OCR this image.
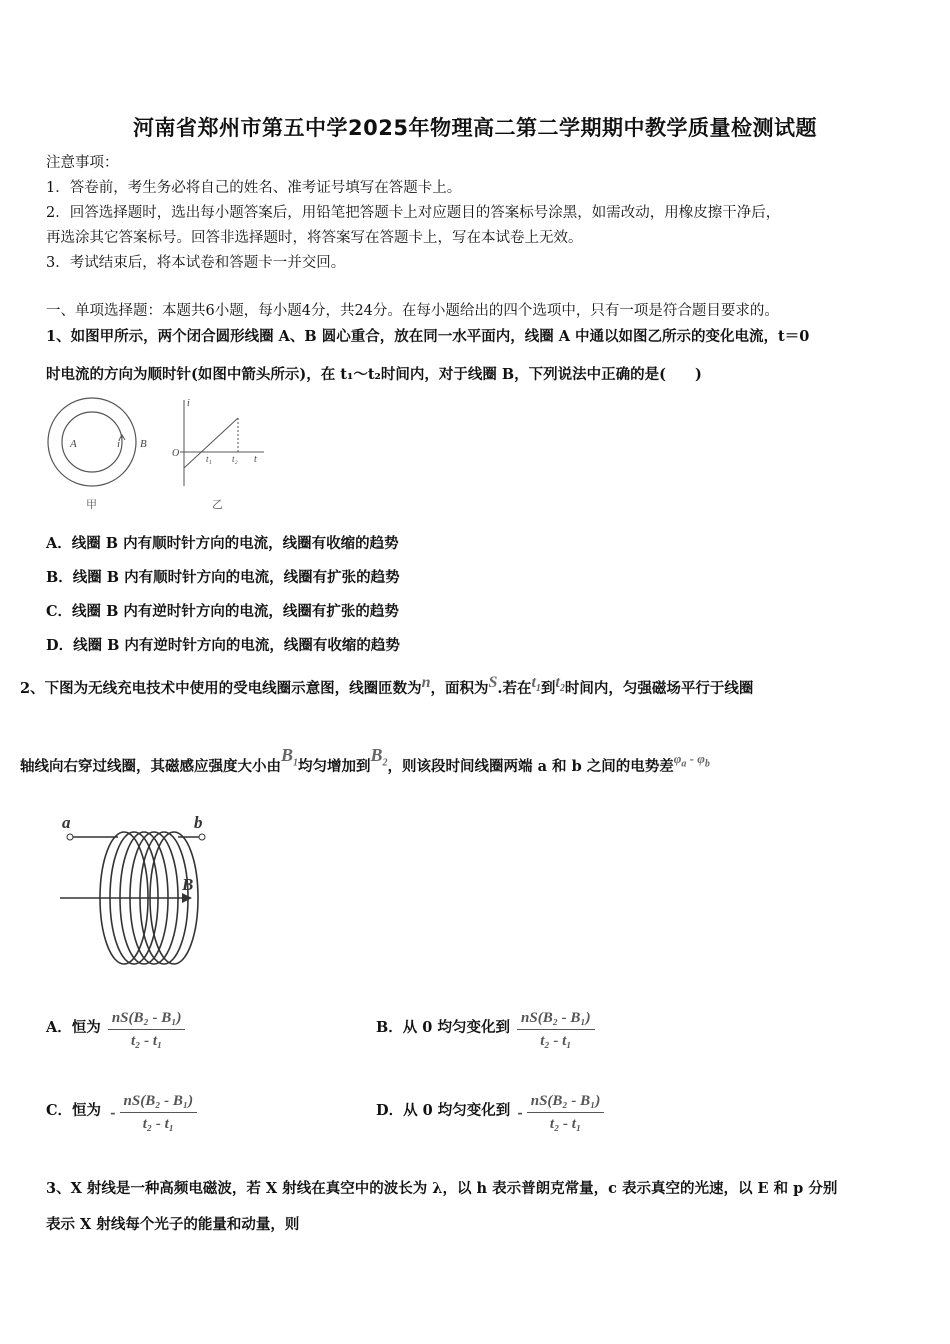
河南省郑州市第五中学2025年物理高二第二学期期中教学质量检测试题
注意事项：
1．答卷前，考生务必将自己的姓名、准考证号填写在答题卡上。
2．回答选择题时，选出每小题答案后，用铅笔把答题卡上对应题目的答案标号涂黑，如需改动，用橡皮擦干净后，
再选涂其它答案标号。回答非选择题时，将答案写在答题卡上，写在本试卷上无效。
3．考试结束后，将本试卷和答题卡一并交回。
一、单项选择题：本题共6小题，每小题4分，共24分。在每小题给出的四个选项中，只有一项是符合题目要求的。
1、如图甲所示，两个闭合圆形线圈 A、B 圆心重合，放在同一水平面内，线圈 A 中通以如图乙所示的变化电流，t＝0
时电流的方向为顺时针(如图中箭头所示)，在 t₁～t₂时间内，对于线圈 B，下列说法中正确的是(　　)
A	i B
甲
i
O	t₁ t₂ t
乙
A．线圈 B 内有顺时针方向的电流，线圈有收缩的趋势
B．线圈 B 内有顺时针方向的电流，线圈有扩张的趋势
C．线圈 B 内有逆时针方向的电流，线圈有扩张的趋势
D．线圈 B 内有逆时针方向的电流，线圈有收缩的趋势
2、下图为无线充电技术中使用的受电线圈示意图，线圈匝数为n，面积为S.若在$t_1$到$t_2$时间内，匀强磁场平行于线圈
轴线向右穿过线圈，其磁感应强度大小由$B_1$均匀增加到$B_2$，则该段时间线圈两端 a 和 b 之间的电势差$\varphi_a - \varphi_b$
a	b
B
A．恒为 $\frac{\text{nS(B₂ - B₁)}}{\text{t₂ - t₁}}$	B．从 0 均匀变化到 $\frac{\text{nS(B₂ - B₁)}}{\text{t₂ - t₁}}$
C．恒为 - $\frac{\text{nS(B₂ - B₁)}}{\text{t₂ - t₁}}$	D．从 0 均匀变化到 - $\frac{\text{nS(B₂ - B₁)}}{\text{t₂ - t₁}}$
3、X 射线是一种高频电磁波，若 X 射线在真空中的波长为 λ，以 h 表示普朗克常量，c 表示真空的光速，以 E 和 p 分别
表示 X 射线每个光子的能量和动量，则
